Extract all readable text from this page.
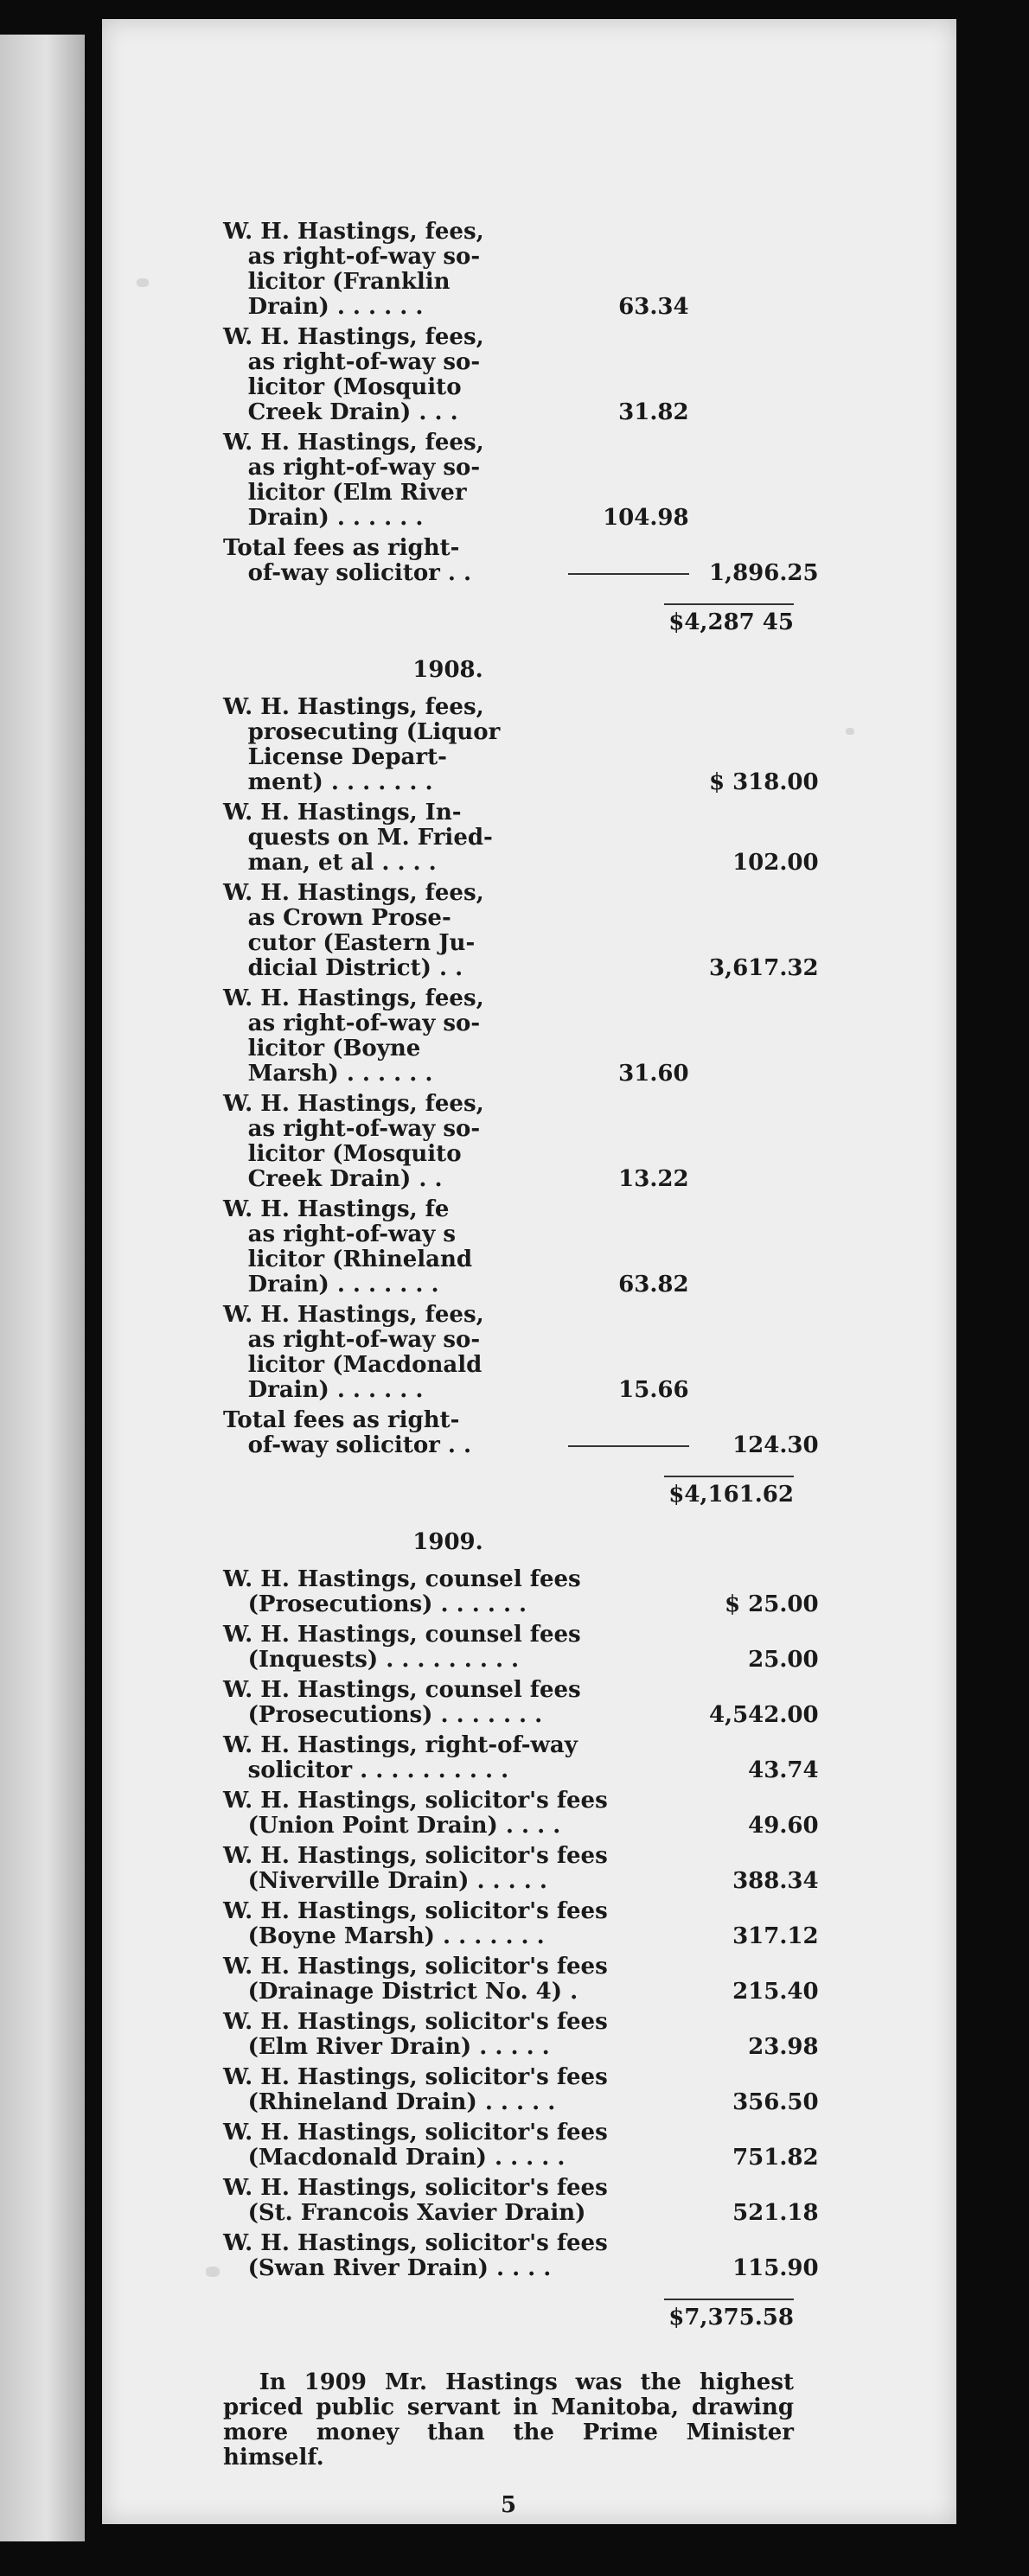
W. H. Hastings, fees,
as right-of-way so-
licitor (Franklin
Drain) . . . . . .	63.34
W. H. Hastings, fees,
as right-of-way so-
licitor (Mosquito
Creek Drain) . . .	31.82
W. H. Hastings, fees,
as right-of-way so-
licitor (Elm River
Drain) . . . . . .	104.98
Total fees as right-
of-way solicitor . .	1,896.25
$4,287 45
1908.
W. H. Hastings, fees,
prosecuting (Liquor
License Depart-
ment) . . . . . . .	$ 318.00
W. H. Hastings, In-
quests on M. Fried-
man, et al . . . .	102.00
W. H. Hastings, fees,
as Crown Prose-
cutor (Eastern Ju-
dicial District) . .	3,617.32
W. H. Hastings, fees,
as right-of-way so-
licitor (Boyne
Marsh) . . . . . .	31.60
W. H. Hastings, fees,
as right-of-way so-
licitor (Mosquito
Creek Drain) . .	13.22
W. H. Hastings, fe
as right-of-way s
licitor (Rhineland
Drain) . . . . . . .	63.82
W. H. Hastings, fees,
as right-of-way so-
licitor (Macdonald
Drain) . . . . . .	15.66
Total fees as right-
of-way solicitor . .	124.30
$4,161.62
1909.
W. H. Hastings, counsel fees
(Prosecutions) . . . . . .	$ 25.00
W. H. Hastings, counsel fees
(Inquests) . . . . . . . . .	25.00
W. H. Hastings, counsel fees
(Prosecutions) . . . . . . .	4,542.00
W. H. Hastings, right-of-way
solicitor . . . . . . . . . .	43.74
W. H. Hastings, solicitor's fees
(Union Point Drain) . . . .	49.60
W. H. Hastings, solicitor's fees
(Niverville Drain) . . . . .	388.34
W. H. Hastings, solicitor's fees
(Boyne Marsh) . . . . . . .	317.12
W. H. Hastings, solicitor's fees
(Drainage District No. 4) .	215.40
W. H. Hastings, solicitor's fees
(Elm River Drain) . . . . .	23.98
W. H. Hastings, solicitor's fees
(Rhineland Drain) . . . . .	356.50
W. H. Hastings, solicitor's fees
(Macdonald Drain) . . . . .	751.82
W. H. Hastings, solicitor's fees
(St. Francois Xavier Drain)	521.18
W. H. Hastings, solicitor's fees
(Swan River Drain) . . . .	115.90
$7,375.58
In 1909 Mr. Hastings was the highest priced public servant in Manitoba, drawing more money than the Prime Minister himself.
5
